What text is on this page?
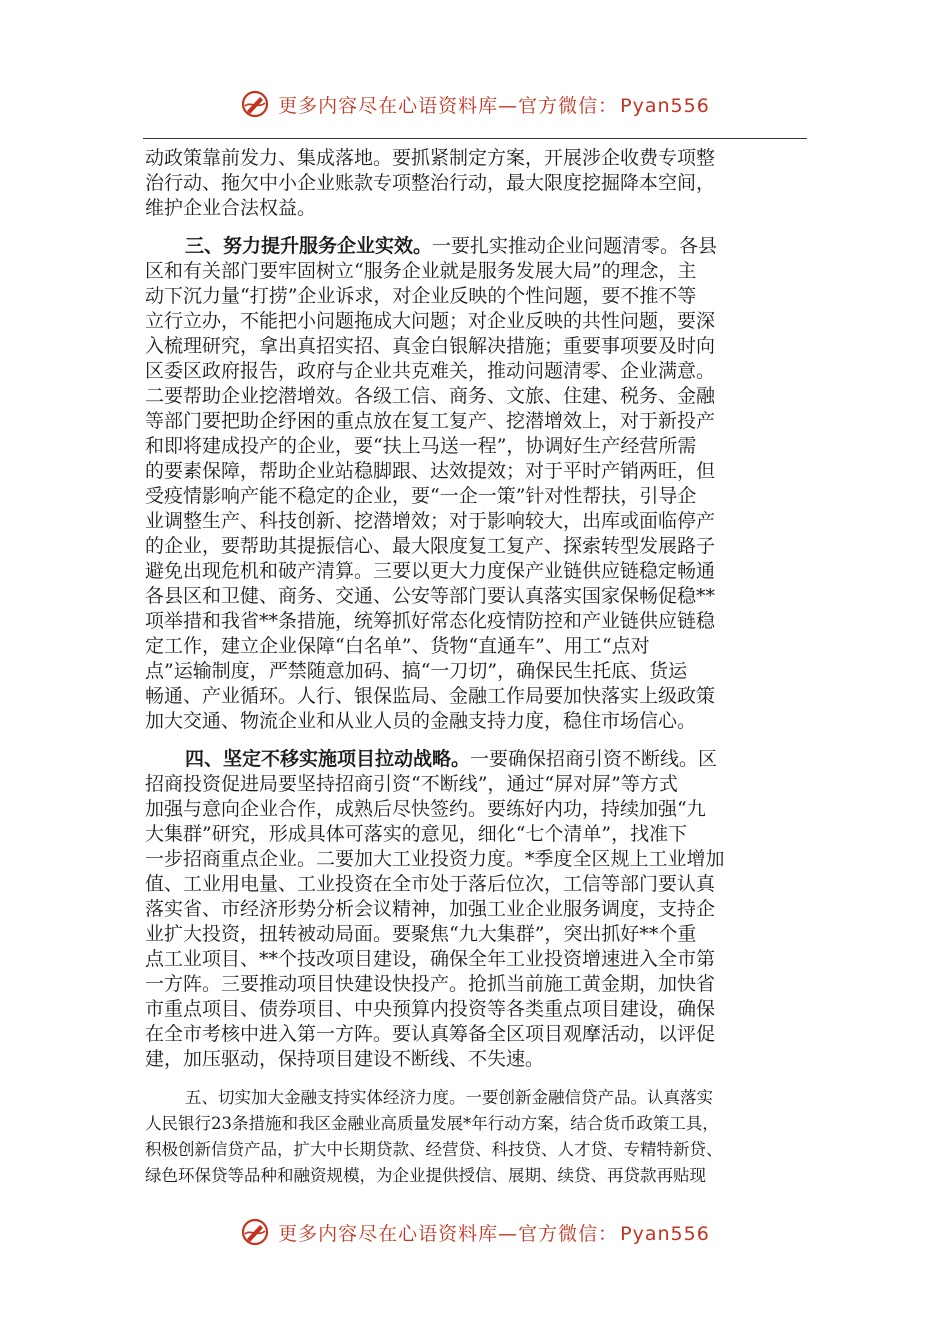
更多内容尽在心语资料库—官方微信： Pyan556
动政策靠前发力、集成落地。要抓紧制定方案，开展涉企收费专项整
治行动、拖欠中小企业账款专项整治行动，最大限度挖掘降本空间，
维护企业合法权益。
三、努力提升服务企业实效。一要扎实推动企业问题清零。各县
区和有关部门要牢固树立“服务企业就是服务发展大局”的理念，主
动下沉力量“打捞”企业诉求，对企业反映的个性问题，要不推不等
立行立办，不能把小问题拖成大问题；对企业反映的共性问题，要深
入梳理研究，拿出真招实招、真金白银解决措施；重要事项要及时向
区委区政府报告，政府与企业共克难关，推动问题清零、企业满意。
二要帮助企业挖潜增效。各级工信、商务、文旅、住建、税务、金融
等部门要把助企纾困的重点放在复工复产、挖潜增效上，对于新投产
和即将建成投产的企业，要“扶上马送一程”，协调好生产经营所需
的要素保障，帮助企业站稳脚跟、达效提效；对于平时产销两旺，但
受疫情影响产能不稳定的企业，要“一企一策”针对性帮扶，引导企
业调整生产、科技创新、挖潜增效；对于影响较大，出库或面临停产
的企业，要帮助其提振信心、最大限度复工复产、探索转型发展路子
避免出现危机和破产清算。三要以更大力度保产业链供应链稳定畅通
各县区和卫健、商务、交通、公安等部门要认真落实国家保畅促稳**
项举措和我省**条措施，统筹抓好常态化疫情防控和产业链供应链稳
定工作，建立企业保障“白名单”、货物“直通车”、用工“点对
点”运输制度，严禁随意加码、搞“一刀切”，确保民生托底、货运
畅通、产业循环。人行、银保监局、金融工作局要加快落实上级政策
加大交通、物流企业和从业人员的金融支持力度，稳住市场信心。
四、坚定不移实施项目拉动战略。一要确保招商引资不断线。区
招商投资促进局要坚持招商引资“不断线”，通过“屏对屏”等方式
加强与意向企业合作，成熟后尽快签约。要练好内功，持续加强“九
大集群”研究，形成具体可落实的意见，细化“七个清单”，找准下
一步招商重点企业。二要加大工业投资力度。*季度全区规上工业增加
值、工业用电量、工业投资在全市处于落后位次，工信等部门要认真
落实省、市经济形势分析会议精神，加强工业企业服务调度，支持企
业扩大投资，扭转被动局面。要聚焦“九大集群”，突出抓好**个重
点工业项目、**个技改项目建设，确保全年工业投资增速进入全市第
一方阵。三要推动项目快建设快投产。抢抓当前施工黄金期，加快省
市重点项目、债券项目、中央预算内投资等各类重点项目建设，确保
在全市考核中进入第一方阵。要认真筹备全区项目观摩活动，以评促
建，加压驱动，保持项目建设不断线、不失速。
五、切实加大金融支持实体经济力度。一要创新金融信贷产品。认真落实
人民银行23条措施和我区金融业高质量发展*年行动方案，结合货币政策工具，
积极创新信贷产品，扩大中长期贷款、经营贷、科技贷、人才贷、专精特新贷、
绿色环保贷等品种和融资规模，为企业提供授信、展期、续贷、再贷款再贴现
更多内容尽在心语资料库—官方微信： Pyan556
